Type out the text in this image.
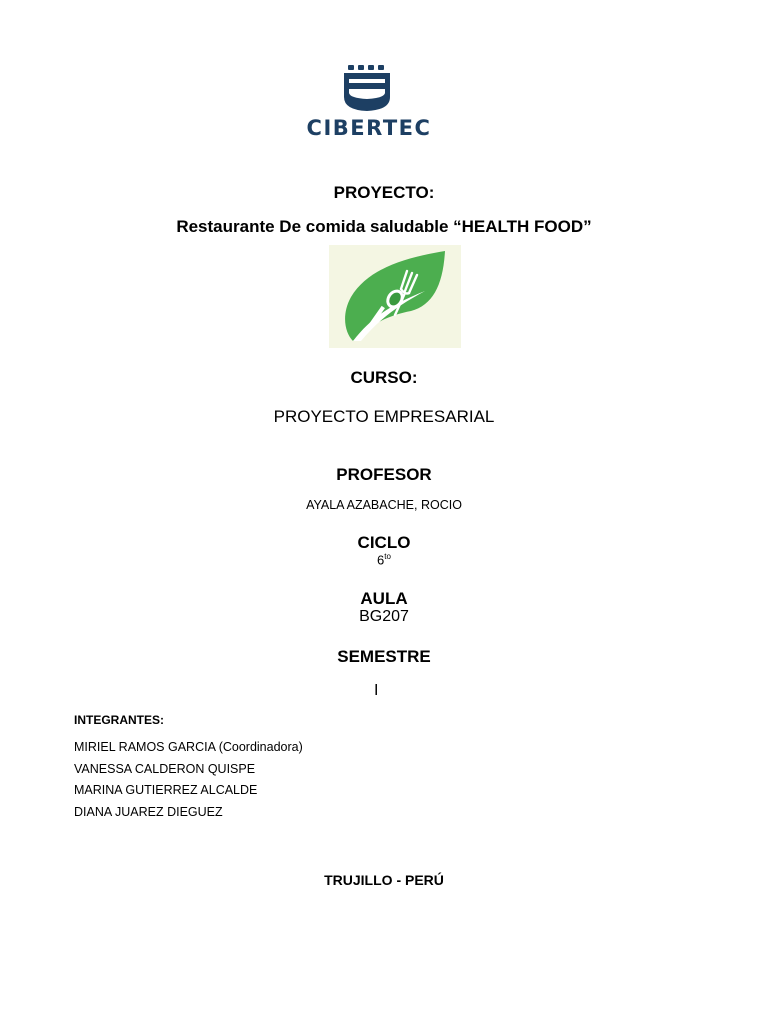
CIBERTEC
PROYECTO:
Restaurante De comida saludable “HEALTH FOOD”
CURSO:
PROYECTO EMPRESARIAL
PROFESOR
AYALA AZABACHE, ROCIO
CICLO
$6^{to}$
AULA
BG207
SEMESTRE
I
INTEGRANTES:
MIRIEL RAMOS GARCIA (Coordinadora)
VANESSA CALDERON QUISPE
MARINA GUTIERREZ ALCALDE
DIANA JUAREZ DIEGUEZ
TRUJILLO - PERÚ
